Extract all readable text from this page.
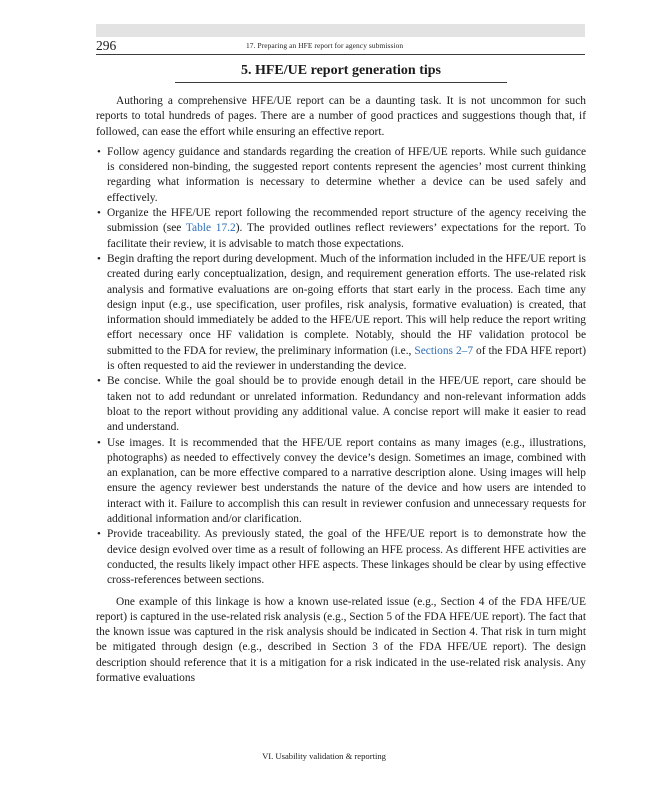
296	17. Preparing an HFE report for agency submission
5. HFE/UE report generation tips

Authoring a comprehensive HFE/UE report can be a daunting task. It is not uncommon for such reports to total hundreds of pages. There are a number of good practices and suggestions though that, if followed, can ease the effort while ensuring an effective report.

• Follow agency guidance and standards regarding the creation of HFE/UE reports. While such guidance is considered non-binding, the suggested report contents represent the agencies’ most current thinking regarding what information is necessary to determine whether a device can be used safely and effectively.
• Organize the HFE/UE report following the recommended report structure of the agency receiving the submission (see Table 17.2). The provided outlines reflect reviewers’ expectations for the report. To facilitate their review, it is advisable to match those expectations.
• Begin drafting the report during development. Much of the information included in the HFE/UE report is created during early conceptualization, design, and requirement generation efforts. The use-related risk analysis and formative evaluations are on-going efforts that start early in the process. Each time any design input (e.g., use specification, user profiles, risk analysis, formative evaluation) is created, that information should immediately be added to the HFE/UE report. This will help reduce the report writing effort necessary once HF validation is complete. Notably, should the HF validation protocol be submitted to the FDA for review, the preliminary information (i.e., Sections 2–7 of the FDA HFE report) is often requested to aid the reviewer in understanding the device.
• Be concise. While the goal should be to provide enough detail in the HFE/UE report, care should be taken not to add redundant or unrelated information. Redundancy and non-relevant information adds bloat to the report without providing any additional value. A concise report will make it easier to read and understand.
• Use images. It is recommended that the HFE/UE report contains as many images (e.g., illustrations, photographs) as needed to effectively convey the device’s design. Sometimes an image, combined with an explanation, can be more effective compared to a narrative description alone. Using images will help ensure the agency reviewer best understands the nature of the device and how users are intended to interact with it. Failure to accomplish this can result in reviewer confusion and unnecessary requests for additional information and/or clarification.
• Provide traceability. As previously stated, the goal of the HFE/UE report is to demonstrate how the device design evolved over time as a result of following an HFE process. As different HFE activities are conducted, the results likely impact other HFE aspects. These linkages should be clear by using effective cross-references between sections.

One example of this linkage is how a known use-related issue (e.g., Section 4 of the FDA HFE/UE report) is captured in the use-related risk analysis (e.g., Section 5 of the FDA HFE/UE report). The fact that the known issue was captured in the risk analysis should be indicated in Section 4. That risk in turn might be mitigated through design (e.g., described in Section 3 of the FDA HFE/UE report). The design description should reference that it is a mitigation for a risk indicated in the use-related risk analysis. Any formative evaluations

VI. Usability validation & reporting
